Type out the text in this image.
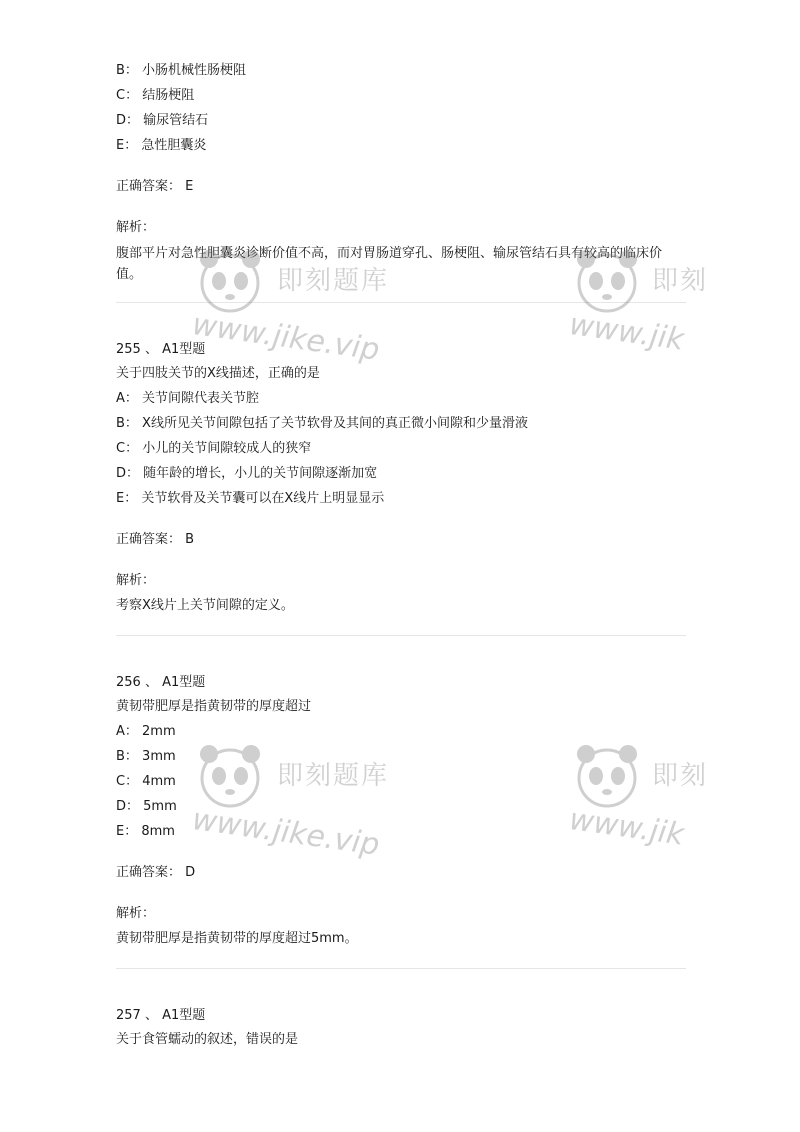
B： 小肠机械性肠梗阻
C： 结肠梗阻
D： 输尿管结石
E： 急性胆囊炎
正确答案： E
解析：
腹部平片对急性胆囊炎诊断价值不高，而对胃肠道穿孔、肠梗阻、输尿管结石具有较高的临床价值。
255 、 A1型题
关于四肢关节的X线描述，正确的是
A： 关节间隙代表关节腔
B： X线所见关节间隙包括了关节软骨及其间的真正微小间隙和少量滑液
C： 小儿的关节间隙较成人的狭窄
D： 随年龄的增长，小儿的关节间隙逐渐加宽
E： 关节软骨及关节囊可以在X线片上明显显示
正确答案： B
解析：
考察X线片上关节间隙的定义。
256 、 A1型题
黄韧带肥厚是指黄韧带的厚度超过
A： 2mm
B： 3mm
C： 4mm
D： 5mm
E： 8mm
正确答案： D
解析：
黄韧带肥厚是指黄韧带的厚度超过5mm。
257 、 A1型题
关于食管蠕动的叙述，错误的是
即刻题库
www.jike.vip
即刻
www.jik
即刻题库
www.jike.vip
即刻
www.jik
